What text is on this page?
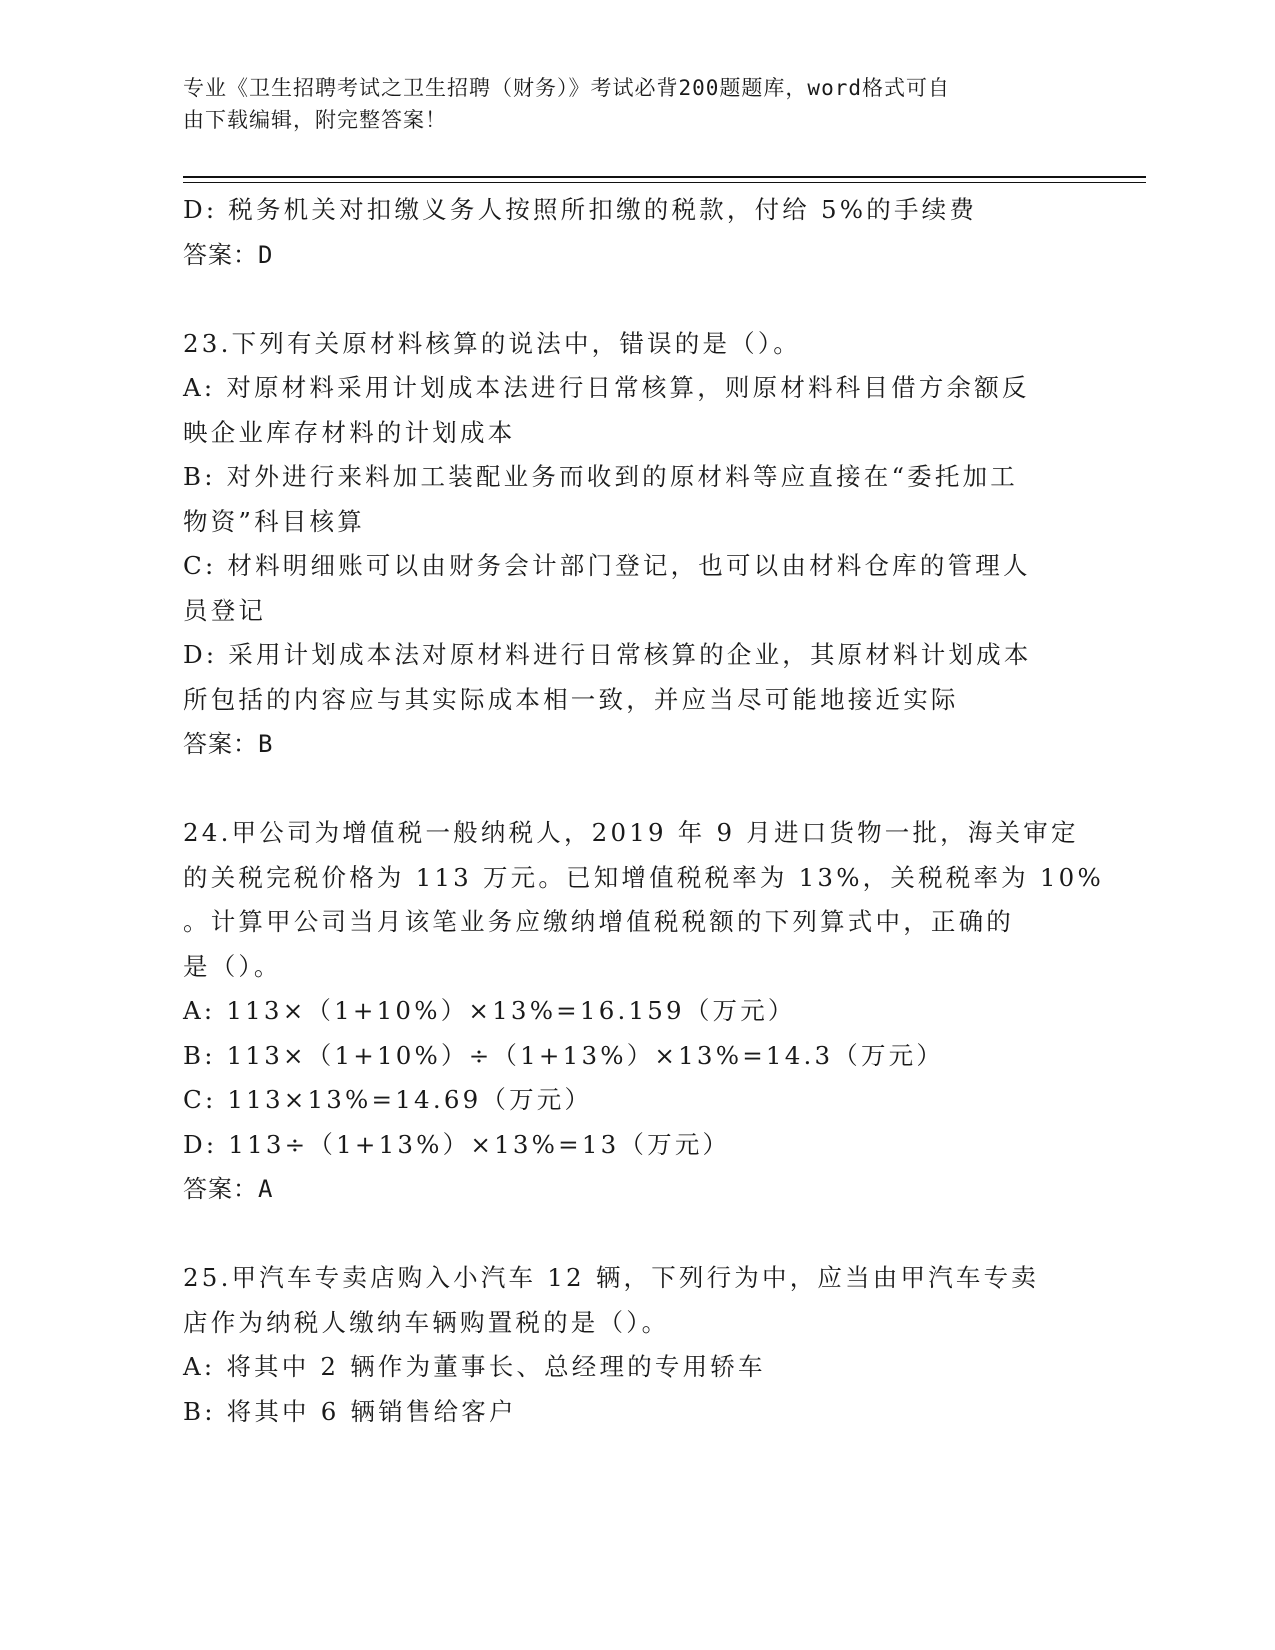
专业《卫生招聘考试之卫生招聘（财务）》考试必背200题题库，word格式可自
由下载编辑，附完整答案！
D: 税务机关对扣缴义务人按照所扣缴的税款，付给 5%的手续费
答案：D
23.下列有关原材料核算的说法中，错误的是（）。
A: 对原材料采用计划成本法进行日常核算，则原材料科目借方余额反
映企业库存材料的计划成本
B: 对外进行来料加工装配业务而收到的原材料等应直接在“委托加工
物资”科目核算
C: 材料明细账可以由财务会计部门登记，也可以由材料仓库的管理人
员登记
D: 采用计划成本法对原材料进行日常核算的企业，其原材料计划成本
所包括的内容应与其实际成本相一致，并应当尽可能地接近实际
答案：B
24.甲公司为增值税一般纳税人，2019 年 9 月进口货物一批，海关审定
的关税完税价格为 113 万元。已知增值税税率为 13%，关税税率为 10%
。计算甲公司当月该笔业务应缴纳增值税税额的下列算式中，正确的
是（）。
A: 113×（1+10%）×13%=16.159（万元）
B: 113×（1+10%）÷（1+13%）×13%=14.3（万元）
C: 113×13%=14.69（万元）
D: 113÷（1+13%）×13%=13（万元）
答案：A
25.甲汽车专卖店购入小汽车 12 辆，下列行为中，应当由甲汽车专卖
店作为纳税人缴纳车辆购置税的是（）。
A: 将其中 2 辆作为董事长、总经理的专用轿车
B: 将其中 6 辆销售给客户
